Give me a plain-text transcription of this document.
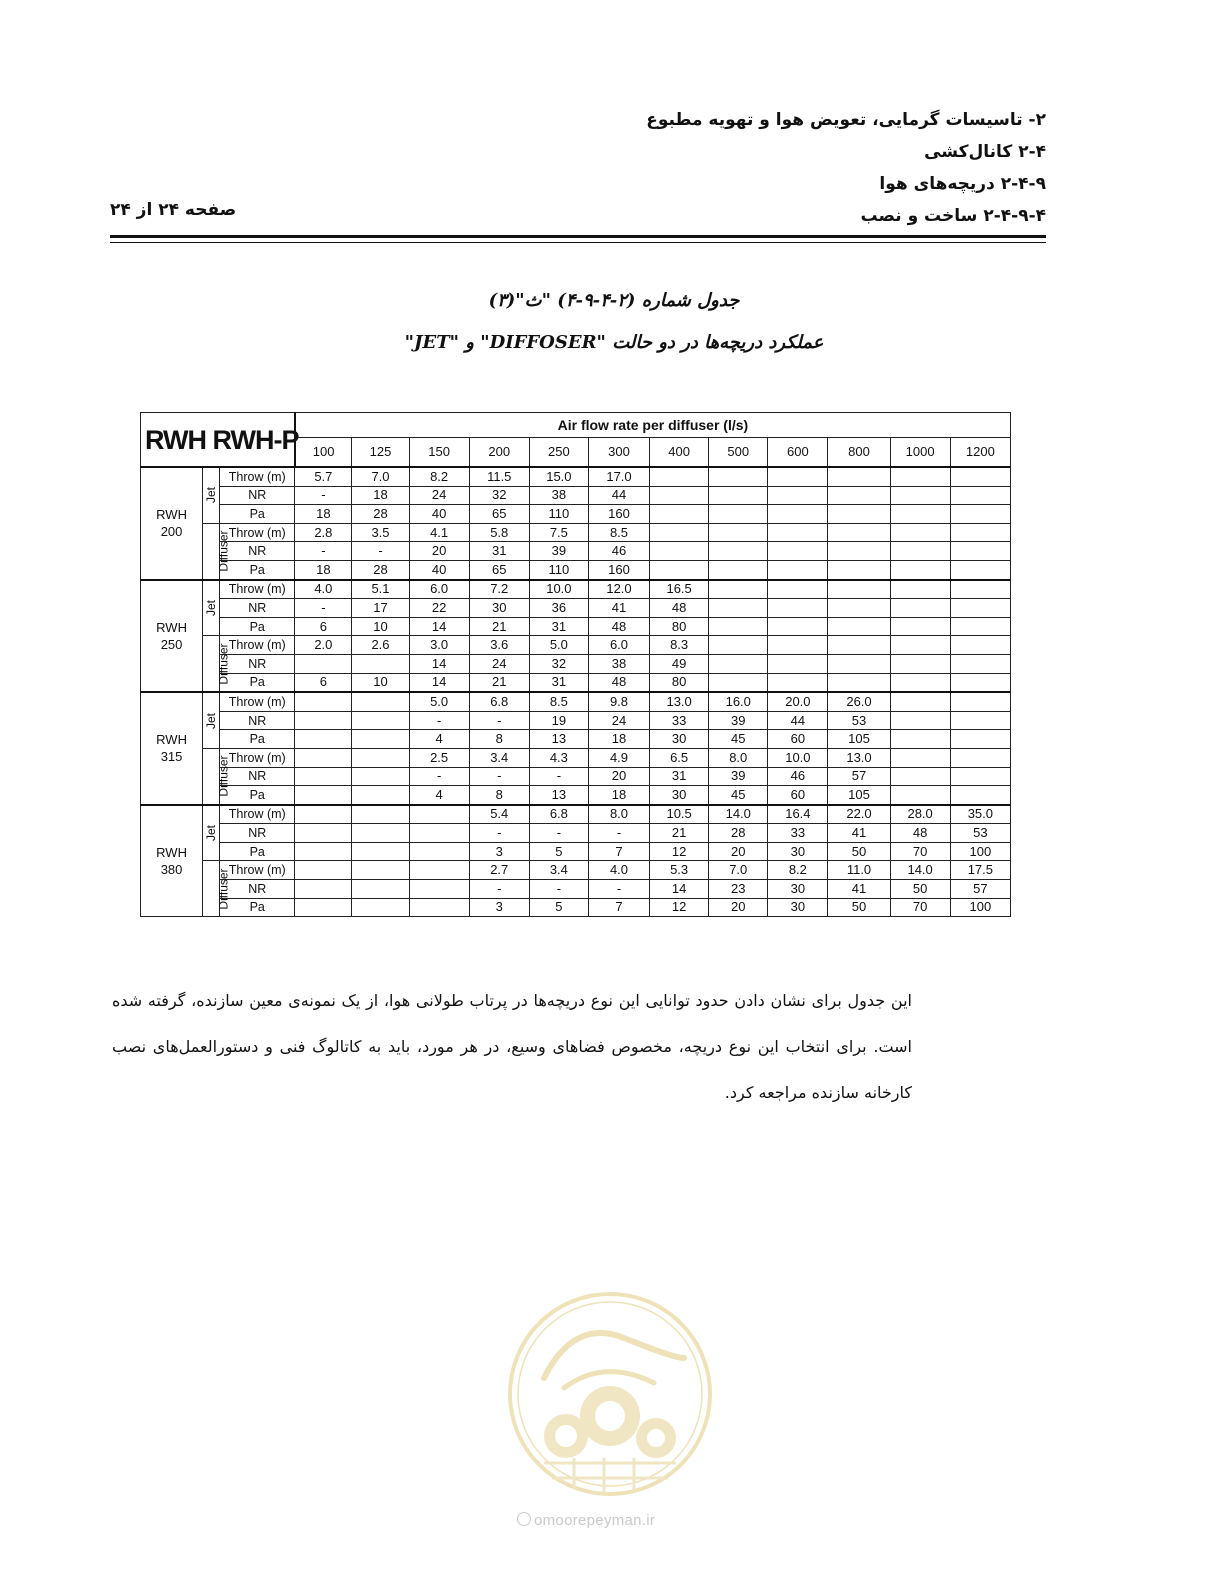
۲- تاسیسات گرمایی، تعویض هوا و تهویه مطبوع
۲-۴ کانال‌کشی
۲-۴-۹ دریچه‌های هوا
۲-۴-۹-۴ ساخت و نصب
صفحه ۲۴ از ۲۴
جدول شماره (۲-۴-۹-۴) "ث"(۳)
عملکرد دریچه‌ها در دو حالت "DIFFOSER" و "JET"
RWH RWH-P			Air flow rate per diffuser (l/s)											
			100	125	150	200	250	300	400	500	600	800	1000	1200
RWH
200	Jet	Throw (m)	5.7	7.0	8.2	11.5	15.0	17.0						
		NR	-	18	24	32	38	44						
		Pa	18	28	40	65	110	160						
	Diffuser	Throw (m)	2.8	3.5	4.1	5.8	7.5	8.5						
		NR	-	-	20	31	39	46						
		Pa	18	28	40	65	110	160						
RWH
250	Jet	Throw (m)	4.0	5.1	6.0	7.2	10.0	12.0	16.5					
		NR	-	17	22	30	36	41	48					
		Pa	6	10	14	21	31	48	80					
	Diffuser	Throw (m)	2.0	2.6	3.0	3.6	5.0	6.0	8.3					
		NR			14	24	32	38	49					
		Pa	6	10	14	21	31	48	80					
RWH
315	Jet	Throw (m)			5.0	6.8	8.5	9.8	13.0	16.0	20.0	26.0		
		NR			-	-	19	24	33	39	44	53		
		Pa			4	8	13	18	30	45	60	105		
	Diffuser	Throw (m)			2.5	3.4	4.3	4.9	6.5	8.0	10.0	13.0		
		NR			-	-	-	20	31	39	46	57		
		Pa			4	8	13	18	30	45	60	105		
RWH
380	Jet	Throw (m)				5.4	6.8	8.0	10.5	14.0	16.4	22.0	28.0	35.0
		NR				-	-	-	21	28	33	41	48	53
		Pa				3	5	7	12	20	30	50	70	100
	Diffuser	Throw (m)				2.7	3.4	4.0	5.3	7.0	8.2	11.0	14.0	17.5
		NR				-	-	-	14	23	30	41	50	57
		Pa				3	5	7	12	20	30	50	70	100
این جدول برای نشان دادن حدود توانایی این نوع دریچه‌ها در پرتاب طولانی هوا، از یک نمونه‌ی معین سازنده، گرفته شده است. برای انتخاب این نوع دریچه، مخصوص فضاهای وسیع، در هر مورد، باید به کاتالوگ فنی و دستورالعمل‌های نصب کارخانه سازنده مراجعه کرد.
omoorepeyman.ir
